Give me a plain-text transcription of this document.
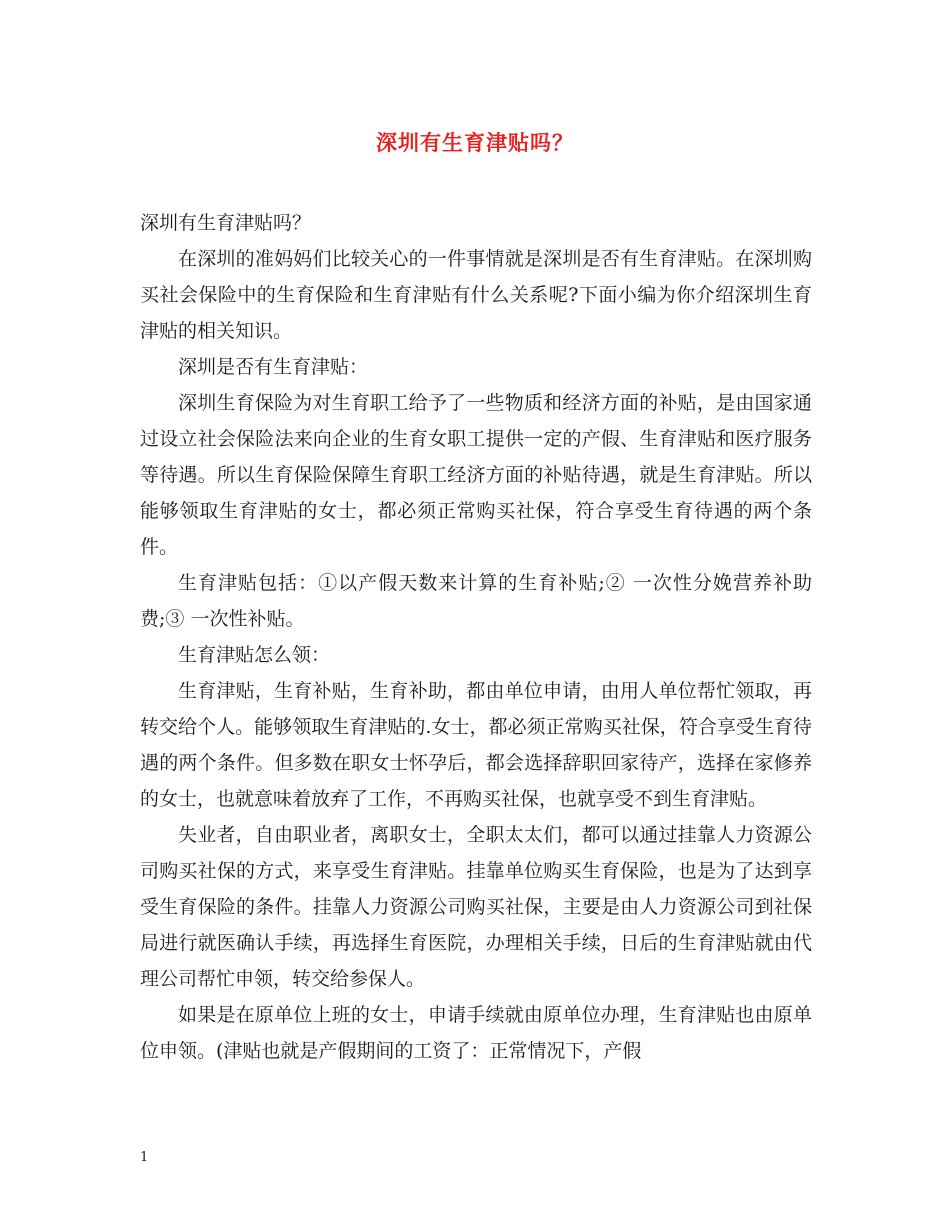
深圳有生育津贴吗？

深圳有生育津贴吗？

在深圳的准妈妈们比较关心的一件事情就是深圳是否有生育津贴。在深圳购买社会保险中的生育保险和生育津贴有什么关系呢?下面小编为你介绍深圳生育津贴的相关知识。

深圳是否有生育津贴：

深圳生育保险为对生育职工给予了一些物质和经济方面的补贴，是由国家通过设立社会保险法来向企业的生育女职工提供一定的产假、生育津贴和医疗服务等待遇。所以生育保险保障生育职工经济方面的补贴待遇，就是生育津贴。所以能够领取生育津贴的女士，都必须正常购买社保，符合享受生育待遇的两个条件。

生育津贴包括：①以产假天数来计算的生育补贴;② 一次性分娩营养补助费;③ 一次性补贴。

生育津贴怎么领：

生育津贴，生育补贴，生育补助，都由单位申请，由用人单位帮忙领取，再转交给个人。能够领取生育津贴的.女士，都必须正常购买社保，符合享受生育待遇的两个条件。但多数在职女士怀孕后，都会选择辞职回家待产，选择在家修养的女士，也就意味着放弃了工作，不再购买社保，也就享受不到生育津贴。

失业者，自由职业者，离职女士，全职太太们，都可以通过挂靠人力资源公司购买社保的方式，来享受生育津贴。挂靠单位购买生育保险，也是为了达到享受生育保险的条件。挂靠人力资源公司购买社保，主要是由人力资源公司到社保局进行就医确认手续，再选择生育医院，办理相关手续，日后的生育津贴就由代理公司帮忙申领，转交给参保人。

如果是在原单位上班的女士，申请手续就由原单位办理，生育津贴也由原单位申领。(津贴也就是产假期间的工资了：正常情况下，产假

1
